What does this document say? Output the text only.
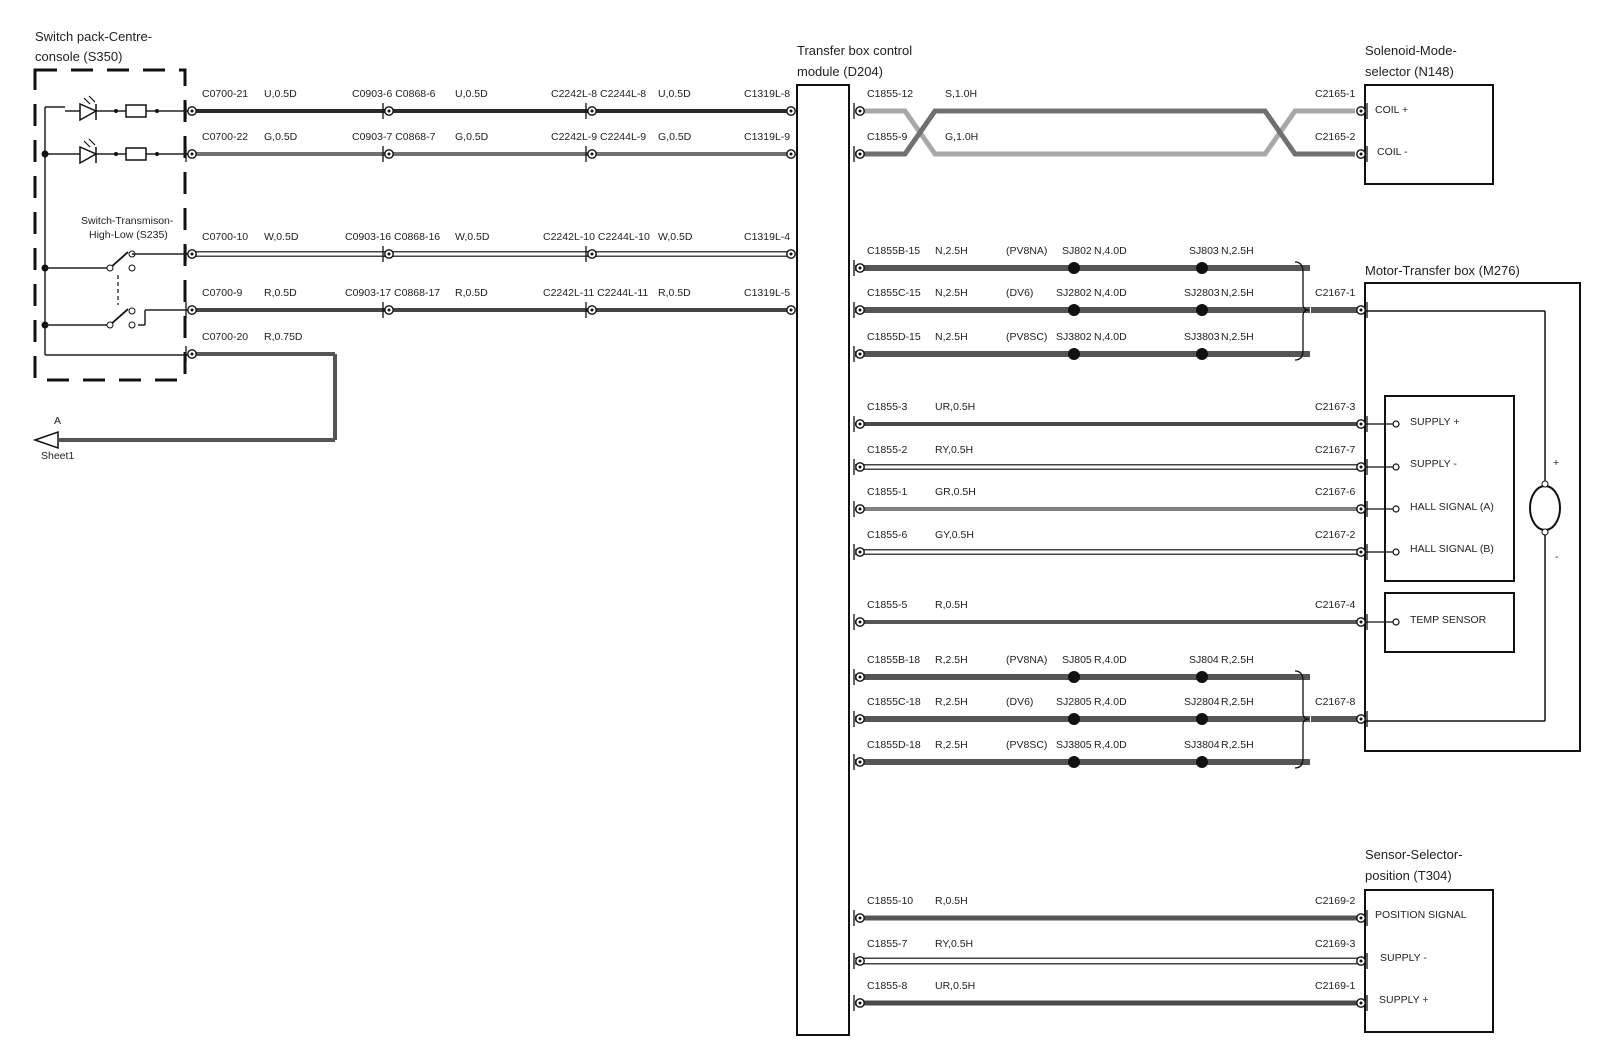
Switch pack-Centre-
console (S350)
Switch-Transmison-
High-Low (S235)
A
Sheet1
Transfer box control
module (D204)
Solenoid-Mode-
selector (N148)
COIL +
COIL -
Motor-Transfer box (M276)
SUPPLY +
SUPPLY -
HALL SIGNAL (A)
HALL SIGNAL (B)
TEMP SENSOR
+
-
Sensor-Selector-
position (T304)
POSITION SIGNAL
SUPPLY -
SUPPLY +
C0700-21 U,0.5D	C0903-6 C0868-6 U,0.5D	C2242L-8 C2244L-8 U,0.5D	C1319L-8
C0700-22 G,0.5D	C0903-7 C0868-7 G,0.5D	C2242L-9 C2244L-9 G,0.5D	C1319L-9
C0700-10 W,0.5D	C0903-16 C0868-16 W,0.5D	C2242L-10 C2244L-10 W,0.5D	C1319L-4
C0700-9 R,0.5D	C0903-17 C0868-17 R,0.5D	C2242L-11 C2244L-11 R,0.5D	C1319L-5
C0700-20 R,0.75D
C1855-12	S,1.0H	C2165-1
C1855-9	G,1.0H	C2165-2
C1855B-15 N,2.5H	(PV8NA) SJ802 N,4.0D	SJ803 N,2.5H
C1855C-15 N,2.5H	(DV6) SJ2802 N,4.0D	SJ2803 N,2.5H
C1855D-15 N,2.5H	(PV8SC) SJ3802 N,4.0D	SJ3803 N,2.5H
C2167-1
C1855B-18 R,2.5H	(PV8NA) SJ805 R,4.0D	SJ804 R,2.5H
C1855C-18 R,2.5H	(DV6) SJ2805 R,4.0D	SJ2804 R,2.5H
C1855D-18 R,2.5H	(PV8SC) SJ3805 R,4.0D	SJ3804 R,2.5H
C2167-8
C1855-3	UR,0.5H	C2167-3
C1855-2	RY,0.5H	C2167-7
C1855-1	GR,0.5H	C2167-6
C1855-6	GY,0.5H	C2167-2
C1855-5	R,0.5H	C2167-4
C1855-10 R,0.5H	C2169-2
C1855-7	RY,0.5H	C2169-3
C1855-8	UR,0.5H	C2169-1
